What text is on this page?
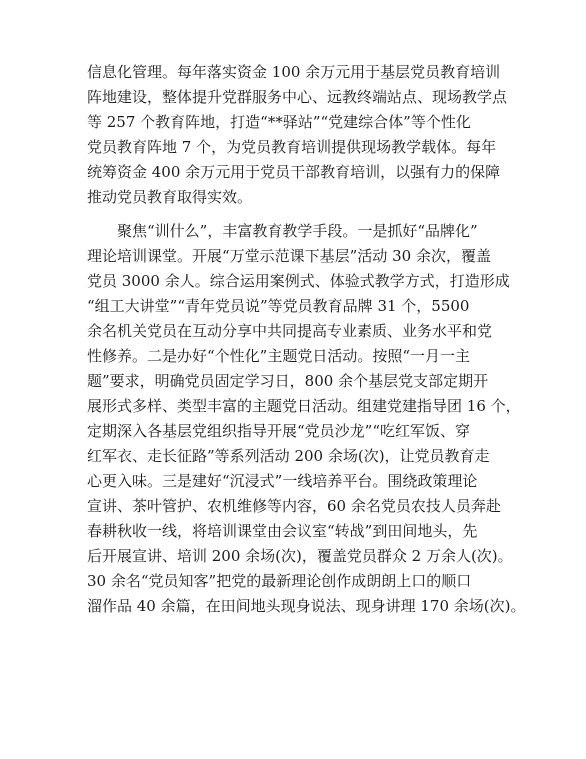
信息化管理。每年落实资金 100 余万元用于基层党员教育培训
阵地建设，整体提升党群服务中心、远教终端站点、现场教学点
等 257 个教育阵地，打造“**驿站”“党建综合体”等个性化
党员教育阵地 7 个，为党员教育培训提供现场教学载体。每年
统筹资金 400 余万元用于党员干部教育培训，以强有力的保障
推动党员教育取得实效。
聚焦“训什么”，丰富教育教学手段。一是抓好“品牌化”
理论培训课堂。开展“万堂示范课下基层”活动 30 余次，覆盖
党员 3000 余人。综合运用案例式、体验式教学方式，打造形成
“组工大讲堂”“青年党员说”等党员教育品牌 31 个，5500
余名机关党员在互动分享中共同提高专业素质、业务水平和党
性修养。二是办好“个性化”主题党日活动。按照“一月一主
题”要求，明确党员固定学习日，800 余个基层党支部定期开
展形式多样、类型丰富的主题党日活动。组建党建指导团 16 个，
定期深入各基层党组织指导开展“党员沙龙”“吃红军饭、穿
红军衣、走长征路”等系列活动 200 余场(次)，让党员教育走
心更入味。三是建好“沉浸式”一线培养平台。围绕政策理论
宣讲、茶叶管护、农机维修等内容，60 余名党员农技人员奔赴
春耕秋收一线，将培训课堂由会议室“转战”到田间地头，先
后开展宣讲、培训 200 余场(次)，覆盖党员群众 2 万余人(次)。
30 余名“党员知客”把党的最新理论创作成朗朗上口的顺口
溜作品 40 余篇，在田间地头现身说法、现身讲理 170 余场(次)。
